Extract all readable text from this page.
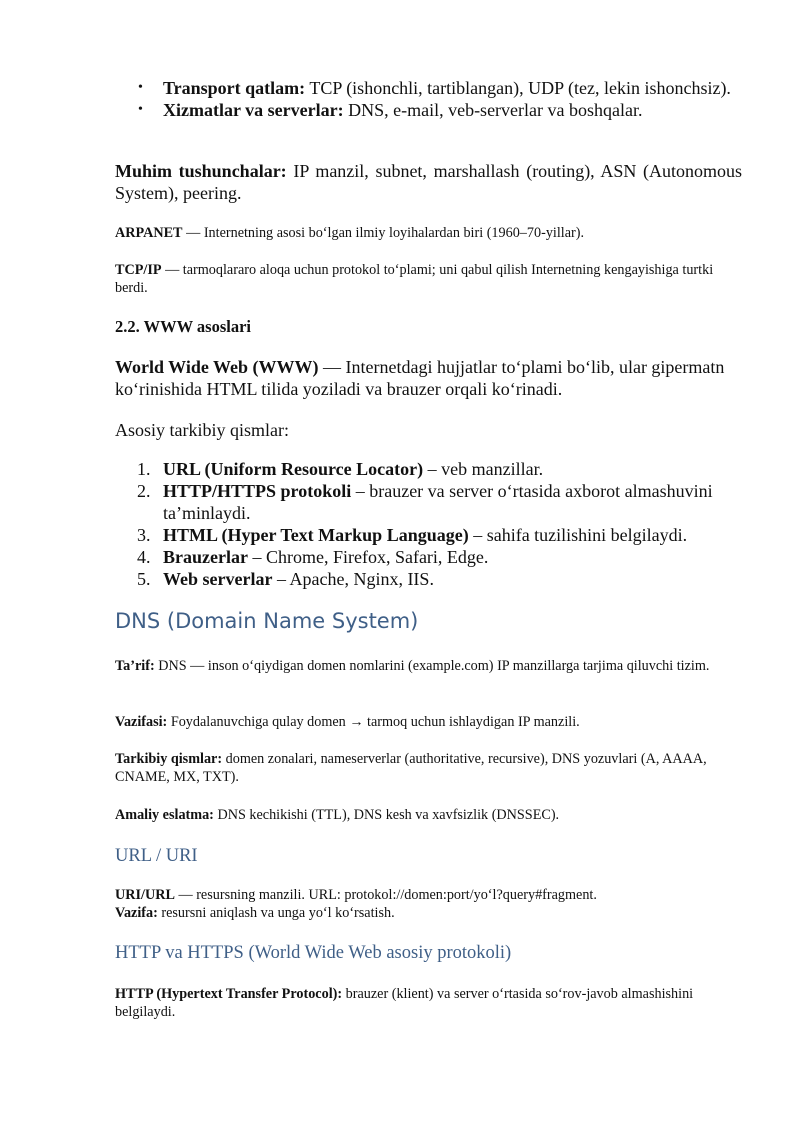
• Transport qatlam: TCP (ishonchli, tartiblangan), UDP (tez, lekin ishonchsiz).
• Xizmatlar va serverlar: DNS, e-mail, veb-serverlar va boshqalar.

Muhim tushunchalar: IP manzil, subnet, marshallash (routing), ASN (Autonomous System), peering.

ARPANET — Internetning asosi bo‘lgan ilmiy loyihalardan biri (1960–70-yillar).

TCP/IP — tarmoqlararo aloqa uchun protokol to‘plami; uni qabul qilish Internetning kengayishiga turtki berdi.

2.2. WWW asoslari

World Wide Web (WWW) — Internetdagi hujjatlar to‘plami bo‘lib, ular gipermatn ko‘rinishida HTML tilida yoziladi va brauzer orqali ko‘rinadi.

Asosiy tarkibiy qismlar:

1. URL (Uniform Resource Locator) – veb manzillar.
2. HTTP/HTTPS protokoli – brauzer va server o‘rtasida axborot almashuvini ta’minlaydi.
3. HTML (Hyper Text Markup Language) – sahifa tuzilishini belgilaydi.
4. Brauzerlar – Chrome, Firefox, Safari, Edge.
5. Web serverlar – Apache, Nginx, IIS.

DNS (Domain Name System)

Ta’rif: DNS — inson o‘qiydigan domen nomlarini (example.com) IP manzillarga tarjima qiluvchi tizim.

Vazifasi: Foydalanuvchiga qulay domen → tarmoq uchun ishlaydigan IP manzili.

Tarkibiy qismlar: domen zonalari, nameserverlar (authoritative, recursive), DNS yozuvlari (A, AAAA, CNAME, MX, TXT).

Amaliy eslatma: DNS kechikishi (TTL), DNS kesh va xavfsizlik (DNSSEC).

URL / URI

URI/URL — resursning manzili. URL: protokol://domen:port/yo‘l?query#fragment.
Vazifa: resursni aniqlash va unga yo‘l ko‘rsatish.

HTTP va HTTPS (World Wide Web asosiy protokoli)

HTTP (Hypertext Transfer Protocol): brauzer (klient) va server o‘rtasida so‘rov-javob almashishini belgilaydi.
